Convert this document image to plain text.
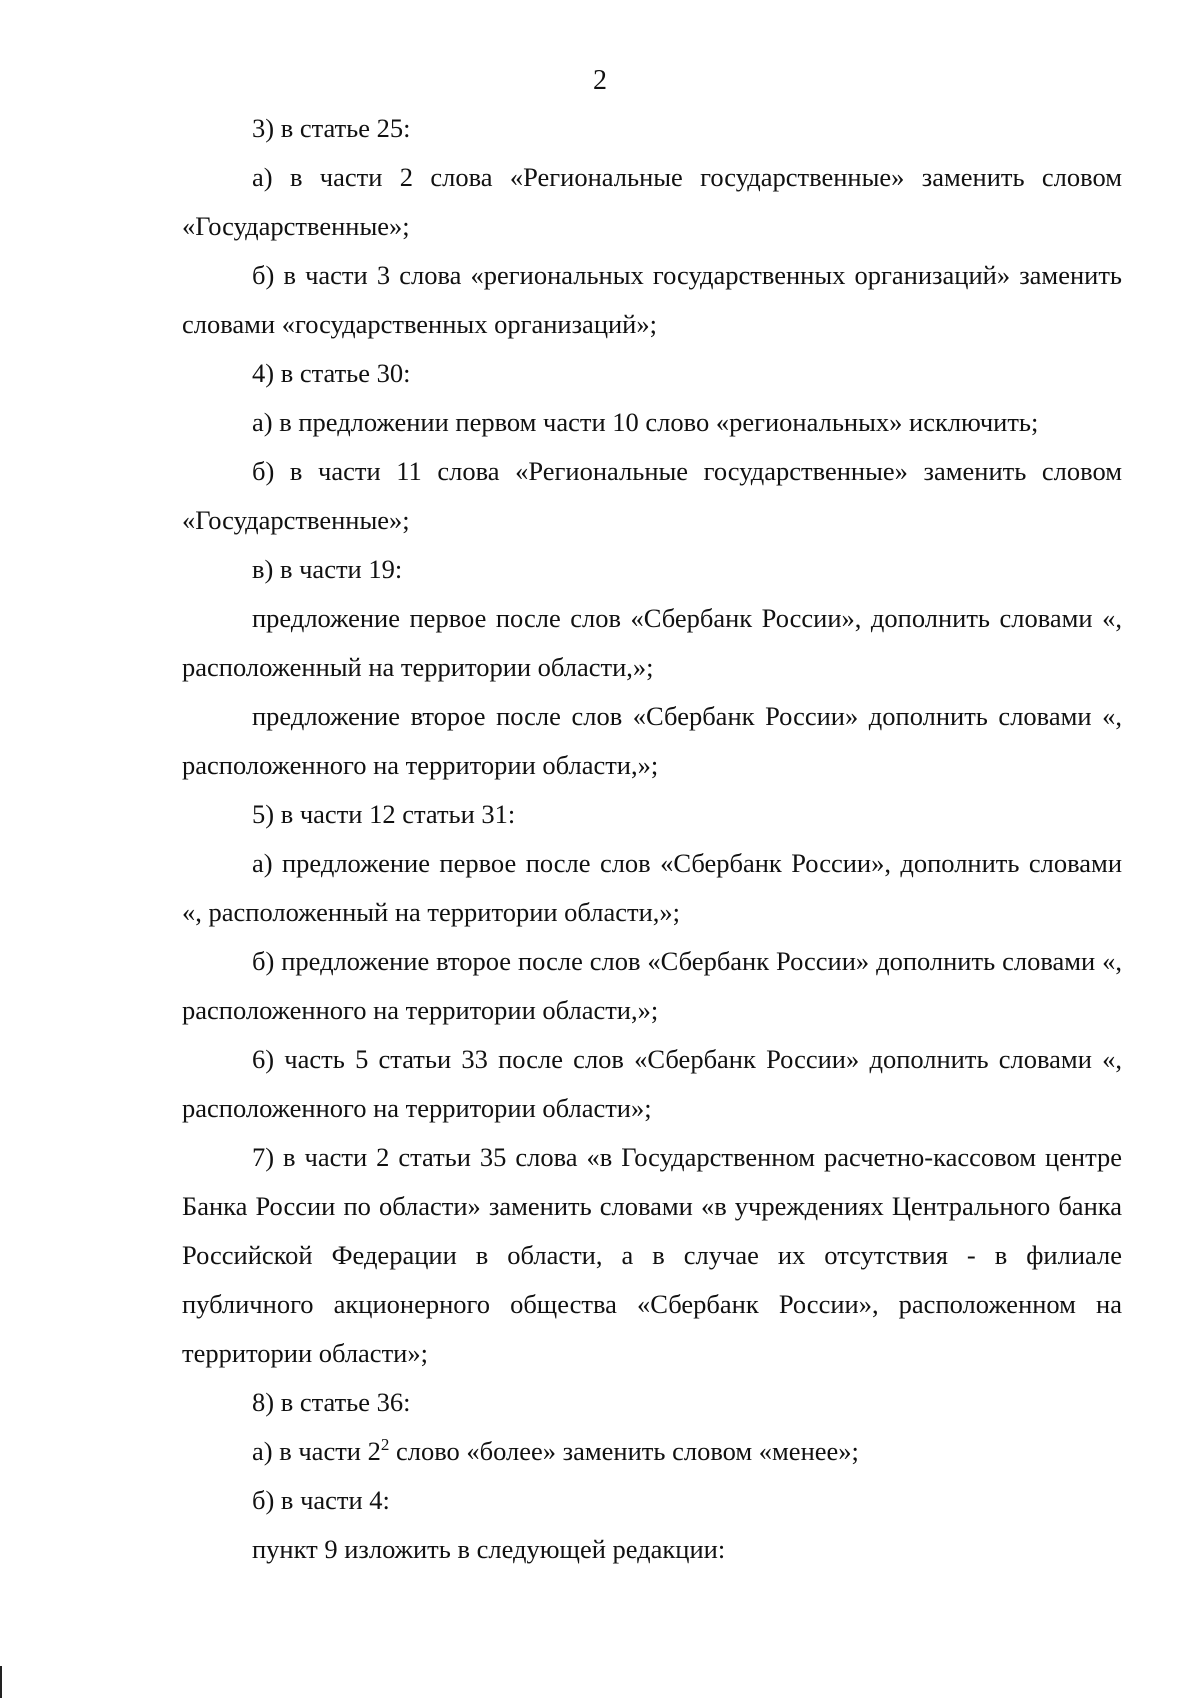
2

3) в статье 25:

а) в части 2 слова «Региональные государственные» заменить словом «Государственные»;

б) в части 3 слова «региональных государственных организаций» заменить словами «государственных организаций»;

4) в статье 30:

а) в предложении первом части 10 слово «региональных» исключить;

б) в части 11 слова «Региональные государственные» заменить словом «Государственные»;

в) в части 19:

предложение первое после слов «Сбербанк России», дополнить словами «, расположенный на территории области,»;

предложение второе после слов «Сбербанк России» дополнить словами «, расположенного на территории области,»;

5) в части 12 статьи 31:

а) предложение первое после слов «Сбербанк России», дополнить словами «, расположенный на территории области,»;

б) предложение второе после слов «Сбербанк России» дополнить словами «, расположенного на территории области,»;

6) часть 5 статьи 33 после слов «Сбербанк России» дополнить словами «, расположенного на территории области»;

7) в части 2 статьи 35 слова «в Государственном расчетно-кассовом центре Банка России по области» заменить словами «в учреждениях Центрального банка Российской Федерации в области, а в случае их отсутствия - в филиале публичного акционерного общества «Сбербанк России», расположенном на территории области»;

8) в статье 36:

а) в части $2^2$ слово «более» заменить словом «менее»;

б) в части 4:

пункт 9 изложить в следующей редакции:
